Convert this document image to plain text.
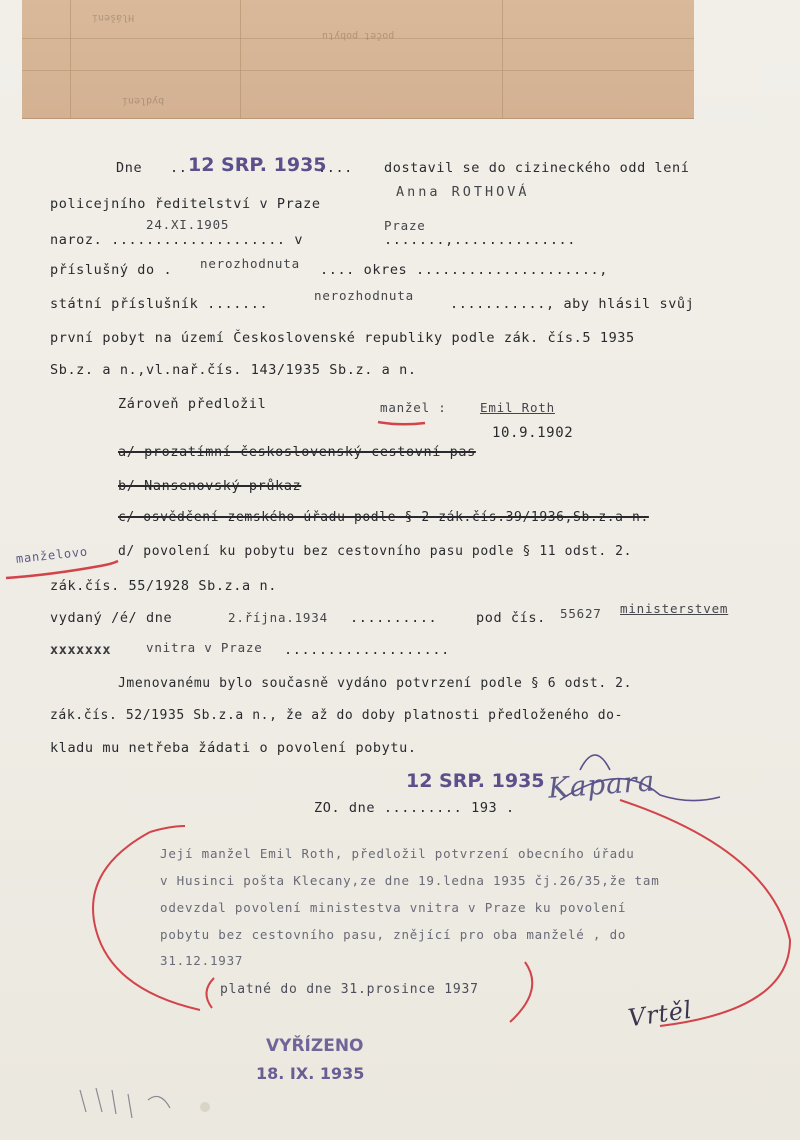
Hlášení
počet pobytu
bydlení
Dne .. 12 SRP. 1935
.... dostavil se do cizineckého odd lení
policejního ředitelství v Praze
Anna ROTHOVÁ
24.XI.1905
naroz. .................... v
Praze
.......,..............
příslušný do . nerozhodnuta .... okres .....................,
státní příslušník .......
nerozhodnuta
..........., aby hlásil svůj
první pobyt na území Československé republiky podle zák. čís.5 1935
Sb.z. a n.,vl.nař.čís. 143/1935 Sb.z. a n.
Zároveň předložil	manžel :	Emil Roth
10.9.1902
a/ prozatímní československý cestovní pas
b/ Nansenovský průkaz
c/ osvědčení zemského úřadu podle § 2 zák.čís.39/1936,Sb.z.a n.
manželovo d/ povolení ku pobytu bez cestovního pasu podle § 11 odst. 2.
zák.čís. 55/1928 Sb.z.a n.
vydaný /é/ dne	2.října.1934 ..........	pod čís. 55627 ministerstvem
xxxxxxx	vnitra v Praze ...................
Jmenovanému bylo současně vydáno potvrzení podle § 6 odst. 2.
zák.čís. 52/1935 Sb.z.a n., že až do doby platnosti předloženého do-
kladu mu netřeba žádati o povolení pobytu.
12 SRP. 1935
ZO. dne ......... 193 .
Kapara
Její manžel Emil Roth, předložil potvrzení obecního úřadu
v Husinci pošta Klecany,ze dne 19.ledna 1935 čj.26/35,že tam
odevzdal povolení ministestva vnitra v Praze ku povolení
pobytu bez cestovního pasu, znějící pro oba manželé , do
31.12.1937
platné do dne 31.prosince 1937
Vrtěl
VYŘÍZENO
18. IX. 1935
